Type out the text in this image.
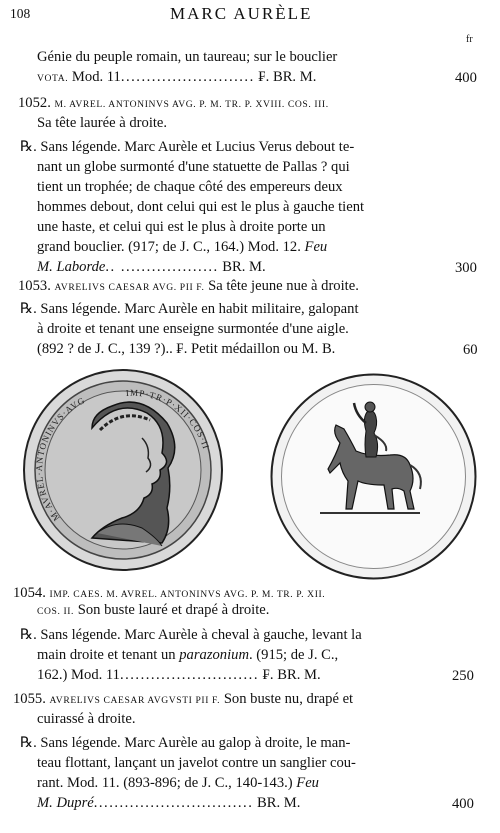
108	MARC AURÈLE
fr
Génie du peuple romain, un taureau; sur le bouclier
VOTA. Mod. 11.......................... ₣. BR. M.	400
1052. M. AVREL. ANTONINVS AVG. P. M. TR. P. XVIII. COS. III.
Sa tête laurée à droite.
℞. Sans légende. Marc Aurèle et Lucius Verus debout te-
nant un globe surmonté d'une statuette de Pallas ? qui
tient un trophée; de chaque côté des empereurs deux
hommes debout, dont celui qui est le plus à gauche tient
une haste, et celui qui est le plus à droite porte un
grand bouclier. (917; de J. C., 164.) Mod. 12. Feu
M. Laborde.. ................... BR. M.	300
1053. AVRELIVS CAESAR AVG. PII F. Sa tête jeune nue à droite.
℞. Sans légende. Marc Aurèle en habit militaire, galopant
à droite et tenant une enseigne surmontée d'une aigle.
(892 ? de J. C., 139 ?).. ₣. Petit médaillon ou M. B.	60
M·AVREL·ANTONINVS·AVG
IMP·TR·P·XII·COS·II
1054. IMP. CAES. M. AVREL. ANTONINVS AVG. P. M. TR. P. XII.
COS. II. Son buste lauré et drapé à droite.
℞. Sans légende. Marc Aurèle à cheval à gauche, levant la
main droite et tenant un parazonium. (915; de J. C.,
162.) Mod. 11........................... ₣. BR. M.	250
1055. AVRELIVS CAESAR AVGVSTI PII F. Son buste nu, drapé et
cuirassé à droite.
℞. Sans légende. Marc Aurèle au galop à droite, le man-
teau flottant, lançant un javelot contre un sanglier cou-
rant. Mod. 11. (893-896; de J. C., 140-143.) Feu
M. Dupré............................... BR. M.	400
